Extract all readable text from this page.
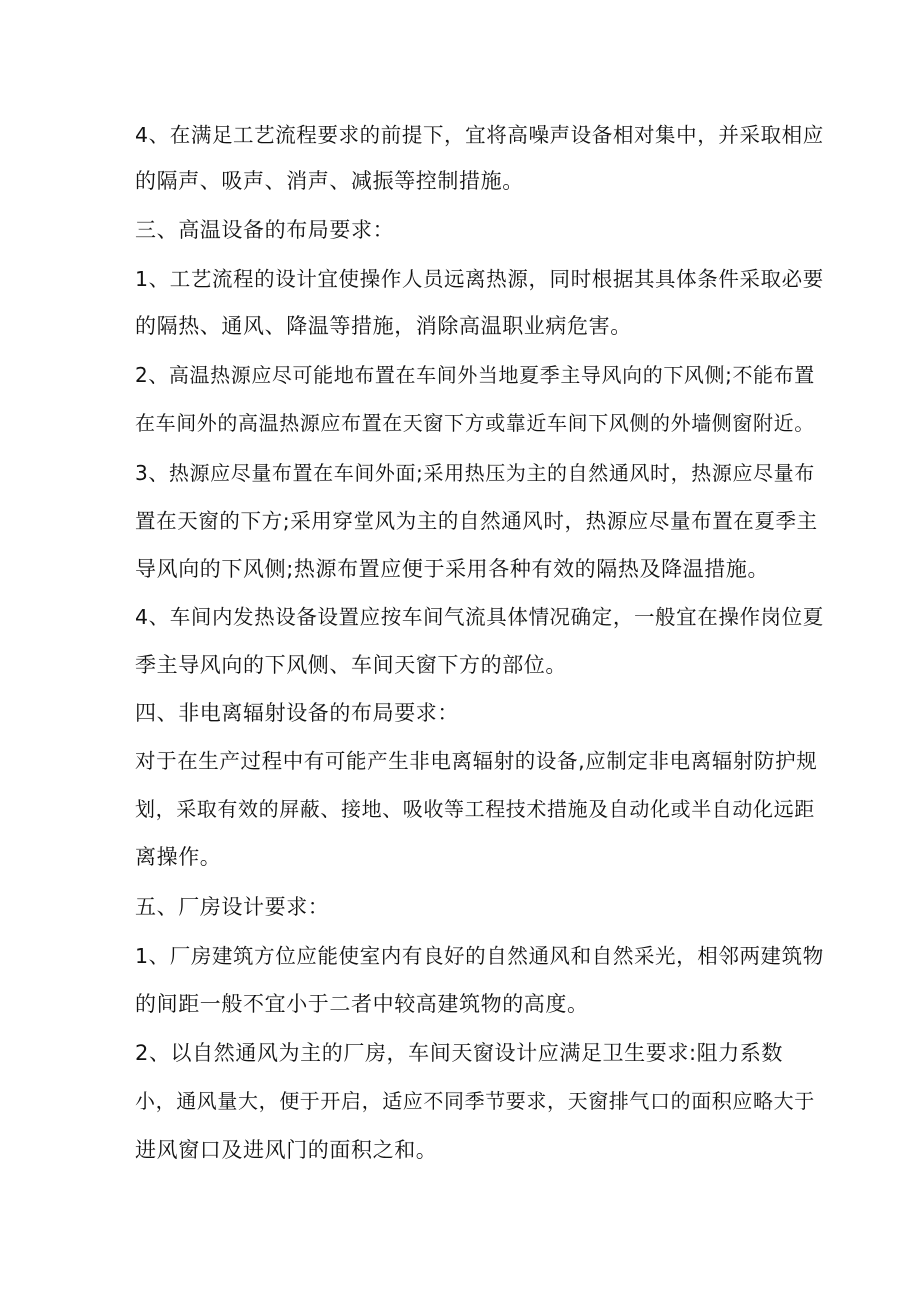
4、在满足工艺流程要求的前提下，宜将高噪声设备相对集中，并采取相应
的隔声、吸声、消声、减振等控制措施。
三、高温设备的布局要求：
1、工艺流程的设计宜使操作人员远离热源，同时根据其具体条件采取必要
的隔热、通风、降温等措施，消除高温职业病危害。
2、高温热源应尽可能地布置在车间外当地夏季主导风向的下风侧;不能布置
在车间外的高温热源应布置在天窗下方或靠近车间下风侧的外墙侧窗附近。
3、热源应尽量布置在车间外面;采用热压为主的自然通风时，热源应尽量布
置在天窗的下方;采用穿堂风为主的自然通风时，热源应尽量布置在夏季主
导风向的下风侧;热源布置应便于采用各种有效的隔热及降温措施。
4、车间内发热设备设置应按车间气流具体情况确定，一般宜在操作岗位夏
季主导风向的下风侧、车间天窗下方的部位。
四、非电离辐射设备的布局要求：
对于在生产过程中有可能产生非电离辐射的设备,应制定非电离辐射防护规
划，采取有效的屏蔽、接地、吸收等工程技术措施及自动化或半自动化远距
离操作。
五、厂房设计要求：
1、厂房建筑方位应能使室内有良好的自然通风和自然采光，相邻两建筑物
的间距一般不宜小于二者中较高建筑物的高度。
2、以自然通风为主的厂房，车间天窗设计应满足卫生要求:阻力系数
小，通风量大，便于开启，适应不同季节要求，天窗排气口的面积应略大于
进风窗口及进风门的面积之和。
